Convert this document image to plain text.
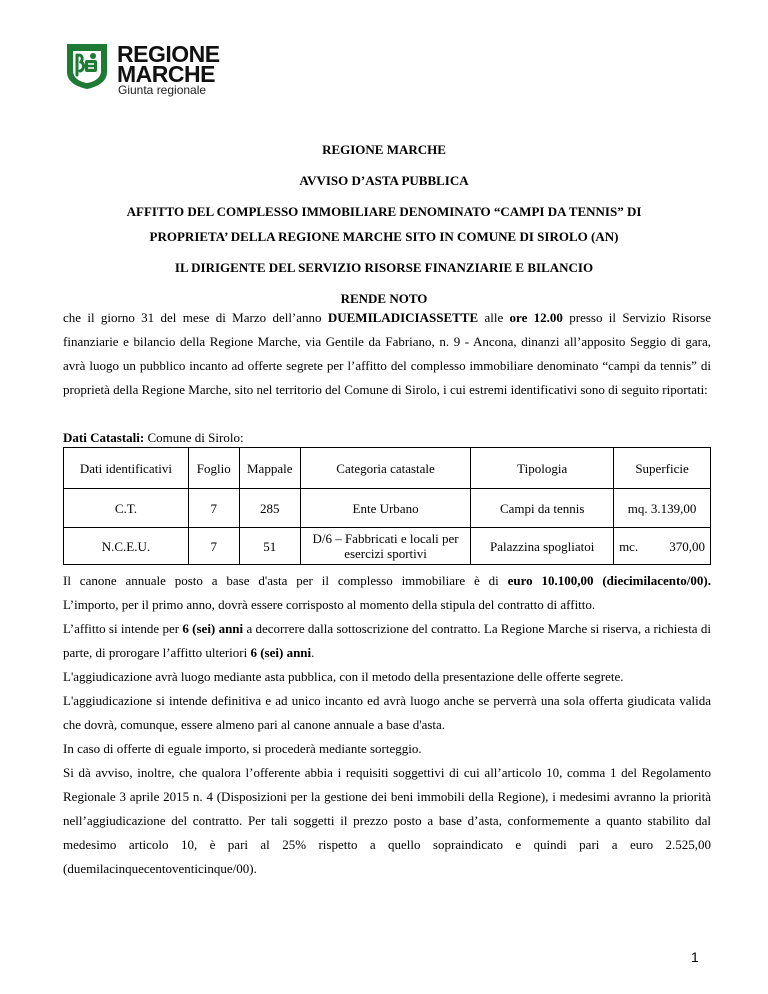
REGIONE
MARCHE
Giunta regionale
REGIONE MARCHE
AVVISO D’ASTA PUBBLICA
AFFITTO DEL COMPLESSO IMMOBILIARE DENOMINATO “CAMPI DA TENNIS” DI
PROPRIETA’ DELLA REGIONE MARCHE SITO IN COMUNE DI SIROLO (AN)
IL DIRIGENTE DEL SERVIZIO RISORSE FINANZIARIE E BILANCIO
RENDE NOTO

che il giorno 31 del mese di Marzo dell’anno DUEMILADICIASSETTE alle ore 12.00 presso il Servizio Risorse finanziarie e bilancio della Regione Marche, via Gentile da Fabriano, n. 9 - Ancona, dinanzi all’apposito Seggio di gara, avrà luogo un pubblico incanto ad offerte segrete per l’affitto del complesso immobiliare denominato “campi da tennis” di proprietà della Regione Marche, sito nel territorio del Comune di Sirolo, i cui estremi identificativi sono di seguito riportati:

Dati Catastali: Comune di Sirolo:

Dati identificativi	Foglio	Mappale	Categoria catastale	Tipologia	Superficie
C.T.	7	285	Ente Urbano	Campi da tennis	mq. 3.139,00
N.C.E.U.	7	51	D/6 – Fabbricati e locali per esercizi sportivi	Palazzina spogliatoi	mc. 370,00

Il canone annuale posto a base d'asta per il complesso immobiliare è di euro 10.100,00 (diecimilacento/00).

L’importo, per il primo anno, dovrà essere corrisposto al momento della stipula del contratto di affitto.

L’affitto si intende per 6 (sei) anni a decorrere dalla sottoscrizione del contratto. La Regione Marche si riserva, a richiesta di parte, di prorogare l’affitto ulteriori 6 (sei) anni.

L'aggiudicazione avrà luogo mediante asta pubblica, con il metodo della presentazione delle offerte segrete.

L'aggiudicazione si intende definitiva e ad unico incanto ed avrà luogo anche se perverrà una sola offerta giudicata valida che dovrà, comunque, essere almeno pari al canone annuale a base d'asta.

In caso di offerte di eguale importo, si procederà mediante sorteggio.

Si dà avviso, inoltre, che qualora l’offerente abbia i requisiti soggettivi di cui all’articolo 10, comma 1 del Regolamento Regionale 3 aprile 2015 n. 4 (Disposizioni per la gestione dei beni immobili della Regione), i medesimi avranno la priorità nell’aggiudicazione del contratto. Per tali soggetti il prezzo posto a base d’asta, conformemente a quanto stabilito dal medesimo articolo 10, è pari al 25% rispetto a quello sopraindicato e quindi pari a euro 2.525,00 (duemilacinquecentoventicinque/00).

1
